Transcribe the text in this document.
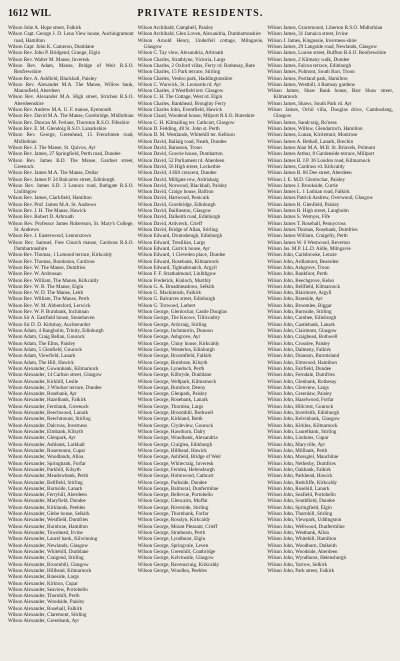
1612 WIL	PRIVATE RESIDENTS.
Wilson John A. Hope street, Falkirk
Wilson Capt. George J. D. Lena View house, Auchingramont road, Hamilton
Wilson Capt. John K. Cameron, Dunblane
Wilson Rev. John P. Bridgend, Grange, Elgin
Wilson Rev. Walter M. Manse, Inveresk
Wilson Rev. Adam, Manse, Bridge of Weir R.S.O. Renfrewshire
Wilson Rev. A. Ashfield, Blackhall, Paisley
Wilson Rev. Alexander M.A. The Manse, Willow bank, Mannofield, Aberdeen
Wilson Rev. Alexander M.A. High street, Strichen R.S.O. Aberdeenshire
Wilson Rev. Andrew M.A. U. F. manse, Eyemouth
Wilson Rev. David M.A. The Manse, Gorebridge, Midlothian
Wilson Rev. Duncan M. Ferlane, Thornton R.S.O. Fifeshire
Wilson Rev. E. M. Glendoig R.S.O. Lanarkshire
Wilson Rev. George, Greenhead, 15 Frenchmen road, Midlothian
Wilson Rev. J. The Manse, St. Quivox, Ayr
Wilson Rev. James, 27 Springfield, Perth road, Dundee
Wilson Rev. James B.D. The Manse, Gardner street, Greenock
Wilson Rev. James M.A. The Manse, Dollar
Wilson Rev. James P. 24 Balcarres street, Edinburgh
Wilson Rev. James S.D. 3 Lennox road, Bathgate R.S.O. Linlithgow
Wilson Rev. James, Clarkfield, Hamilton
Wilson Rev. Prof. James M.A. St. Andrews
Wilson Rev. J. H. The Manse, Hawick
Wilson Rev. Robert D. Arbroath
Wilson Rev. Professor James Robertson, St. Mary's College, St. Andrews
Wilson Rev. J. Easterwood, Lennoxtown
Wilson Rev. Samuel, Free Church manse, Cardross R.S.O. Dumbartonshire
Wilson Rev. Thomas, 1 Lomond terrace, Kirkcaldy
Wilson Rev. Thomas, Brankston, Cardross
Wilson Rev. W. The Manse, Dumfries
Wilson Rev. W. Ardrossan
Wilson Rev. William, The Manse, Kirkcaldy
Wilson Rev. W. B. The Manse, Elgin
Wilson Rev. W. D. The Manse, Leith
Wilson Rev. William, The Manse, Perth
Wilson Rev. W. M. Abbotsford, Lerwick
Wilson Rev. W. P. Burnbank, Inchinnan
Wilson Sir A. Eastfield house, Stonehaven
Wilson Sir D. D. Kirkmay, Auchterarder
Wilson Adam, 4 Bangholm, Trinity, Edinburgh
Wilson Adam, Craig Bellan, Gourock
Wilson Adam, The Elms, Paisley
Wilson Adam, 5 Glenfield, Gourock
Wilson Adam, Viewfield, Lanark
Wilson Adam, The Hill, Hawick
Wilson Alexander, Gowanbank, Kilmarnock
Wilson Alexander, 14 Carlton street, Glasgow
Wilson Alexander, Kirkhill, Leslie
Wilson Alexander, 3 Windsor terrace, Dundee
Wilson Alexander, Rosebank, Ayr
Wilson Alexander, Hazelbank, Falkirk
Wilson Alexander, Fernbank, Greenock
Wilson Alexander, Beechwood, Lanark
Wilson Alexander, Beechmount, Stirling
Wilson Alexander, Dalcross, Inverness
Wilson Alexander, Elmbank, Kilsyth
Wilson Alexander, Glenpark, Ayr
Wilson Alexander, Ashbank, Larkhall
Wilson Alexander, Rosemount, Cupar
Wilson Alexander, Woodlands, Alloa
Wilson Alexander, Springbank, Forfar
Wilson Alexander, Parkhill, Kilsyth
Wilson Alexander, Meadowbank, Perth
Wilson Alexander, Bellfield, Stirling
Wilson Alexander, Burnside, Lanark
Wilson Alexander, Ferryhill, Aberdeen
Wilson Alexander, Maryfield, Dundee
Wilson Alexander, Kirklands, Peebles
Wilson Alexander, Glebe house, Selkirk
Wilson Alexander, Westfield, Dumfries
Wilson Alexander, Burnbrae, Hamilton
Wilson Alexander, Townhead, Irvine
Wilson Alexander, Laurel bank, Kilwinning
Wilson Alexander, Newlands, Glasgow
Wilson Alexander, Whitehill, Dunblane
Wilson Alexander, Craigend, Stirling
Wilson Alexander, Broomhill, Glasgow
Wilson Alexander, Hillhead, Kilmarnock
Wilson Alexander, Braeside, Largs
Wilson Alexander, Kirkton, Cupar
Wilson Alexander, Seaview, Portobello
Wilson Alexander, Thornhill, Perth
Wilson Alexander, Woodside, Paisley
Wilson Alexander, Rosehall, Falkirk
Wilson Alexander, Claremont, Stirling
Wilson Alexander, Greenbank, Ayr
Wilson Archibald, Campbell, Paisley
Wilson Archibald, Glen Loven, Alexandria, Dumbartonshire
Wilson Arnold Henry, Underfell cottage, Milngavie, Glasgow
Wilson C. Tay view, Alexandria, Arbroath
Wilson Charles, Strathlyne, Victoria, Largs
Wilson Charles, 2 Oxford villas, Ferry rd. Rothesay, Bute
Wilson Charles, 15 Park terrace, Stirling
Wilson Charles, Vesbro park, Haddingtonshire
Wilson C. Warwick, St. Leonards rd. Ayr
Wilson Charles, 4 Westfield terr. Glasgow
Wilson C. H. The Cottage, West rd. Elgin
Wilson Charles, Bankhead, Broughty Ferry
Wilson Charles John, Eventfield, Hawick
Wilson Claud, Woodend house, Milport R.S.O. Buteshire
Wilson C. H. Kilmailing ter. Cathcart, Glasgow
Wilson D. Fedding, 48 St. John st. Perth
Wilson D. M. Westlands, Whitehill ter. Kelburn
Wilson David, Ballaig road, Neath, Dundee
Wilson David, Barasson, Troon
Wilson David, Gowrie house, Dumbarton
Wilson David, 52 Parliament rd. Aberdeen
Wilson David, 56 High street, Lockerbie
Wilson David, 4 Hill crescent, Dundee
Wilson David, Millgate row, Ardrishaig
Wilson David, Norwood, Blackhall, Paisley
Wilson David, Craigo house, Balfron
Wilson David, Hartwood, Penicuik
Wilson David, Gorebridge, Edinburgh
Wilson David, Baillieston, Glasgow
Wilson David, Dalkeith road, Edinburgh
Wilson David, Ardvreck, Crieff
Wilson David, Bridge of Allan, Stirling
Wilson Edward, Drumsheugh, Edinburgh
Wilson Edward, Tresillian, Largs
Wilson Edward, Carrick house, Ayr
Wilson Edward, 1 Cleveden place, Dundee
Wilson Edward, Rosebank, Kilmarnock
Wilson Edward, Tighnabruaich, Argyll
Wilson F. F. Strathalmond, Linlithgow
Wilson Frederick, Kinloch, Murthly
Wilson G. A. Broadmeadows, Selkirk
Wilson G. Mackintosh, Falkirk
Wilson G. Balcarres street, Edinburgh
Wilson G. Torwood, Larbert
Wilson George, Glenlochar, Castle Douglas
Wilson George, The Knowe, Tillicoultry
Wilson George, Ardcraig, Stirling
Wilson George, Inchmurrin, Dunoon
Wilson George, Ashgrove, Ayr
Wilson George, Cluny house, Kirkcaldy
Wilson George, Westerlea, Edinburgh
Wilson George, Broomfield, Falkirk
Wilson George, Burnbrae, Kilsyth
Wilson George, Lynedoch, Perth
Wilson George, Kilbryde, Dunblane
Wilson George, Wellpark, Kilmarnock
Wilson George, Burnfoot, Denny
Wilson George, Glenpark, Paisley
Wilson George, Rosebank, Lanark
Wilson George, Thornlea, Largs
Wilson George, Broomhill, Bothwell
Wilson George, Kirkland, Beith
Wilson George, Clydeview, Gourock
Wilson George, Hawthorn, Dalry
Wilson George, Woodbank, Alexandria
Wilson George, Craiglea, Edinburgh
Wilson George, Hillhead, Hawick
Wilson George, Ashfield, Bridge of Weir
Wilson George, Whitecraig, Inveresk
Wilson George, Fernlea, Helensburgh
Wilson George, Holmwood, Cathcart
Wilson George, Parkside, Dundee
Wilson George, Balmoral, Dunfermline
Wilson George, Bellevue, Portobello
Wilson George, Glencairn, Moffat
Wilson George, Riverside, Stirling
Wilson George, Thornbank, Forfar
Wilson George, Rosslyn, Kirkcaldy
Wilson George, Mount Pleasant, Crieff
Wilson George, Strathearn, Perth
Wilson George, Lyndhurst, Elgin
Wilson George, Springvale, Leven
Wilson George, Greenhill, Coatbridge
Wilson George, Kelvinside, Glasgow
Wilson George, Ravenscraig, Kirkcaldy
Wilson George, Woodlea, Peebles
Wilson James, Gracemount, Liberton R.S.O. Midlothian
Wilson James, 31 Jamaica street, Irvine
Wilson J. James, Kingussie, Inverness-shire
Wilson James, 29 Langside road, Newlands, Glasgow
Wilson James, Louise street, Buffton R.S.O. Renfrewshire
Wilson James, 2 Kilmany walk, Dundee
Wilson James, Falcon terrace, Edinburgh
Wilson James, Polmont, South Barr, Troon
Wilson James, Portland park, Hamilton
Wilson James, Westhill, 4 Ramsay gardens
Wilson James, Shaw Bank house, Barr Shaw street, Kilmarnock
Wilson James, Shaws, South Park rd. Ayr
Wilson James, Ochil villa, Douglas drive, Cambuslang, Glasgow
Wilson James, Sandcraig, Bo'ness
Wilson James, Willow, Glendarroch, Hamilton
Wilson James, Lunan, Kirriemuir, Montrose
Wilson James A. Bethall, Lanark, Brechin
Wilson James Alan M.A. M.B. St. Briavels, Polmont
Wilson James Arthur, 8 Gardenside terrace, Millport
Wilson James B. J.P. 36 London road, Kilmarnock
Wilson James, Cardross rd. Kirkcaldy
Wilson James B. 66 Dee street, Aberdeen
Wilson J. E. M.D. Glenlochar, Paisley
Wilson James J. Brookside, Currie
Wilson James L. 1 Lothian road, Falkirk
Wilson James Patrick Andrew, Overwood, Glasgow
Wilson James R. Glenfield, Paisley
Wilson James R. High street, Langholm
Wilson James S. Wemyss, Fife
Wilson James T. Rosehall, Pennycross
Wilson James Thomas, Rosebank, Dumfries
Wilson James William, Craigelly, Perth
Wilson James W. 6 Westwood, Beverton
Wilson Jas. M.P. LL.D. Aidie, Milngavie
Wilson John, Carisbrooke, Lenzie
Wilson John, Ardlamont, Bearsden
Wilson John, Ashgrove, Troon
Wilson John, Bankfoot, Perth
Wilson John, Beechgrove, Kelso
Wilson John, Bellfield, Kilmarnock
Wilson John, Blairmore, Argyll
Wilson John, Braeside, Ayr
Wilson John, Broomlee, Biggar
Wilson John, Burnside, Stirling
Wilson John, Carnbee, Edinburgh
Wilson John, Castlebank, Lanark
Wilson John, Clairmont, Glasgow
Wilson John, Craighead, Bothwell
Wilson John, Crosslee, Paisley
Wilson John, Dalmeny, Falkirk
Wilson John, Dunearn, Burntisland
Wilson John, Elmwood, Hamilton
Wilson John, Fairfield, Dundee
Wilson John, Ferndale, Dumfries
Wilson John, Glenbank, Rothesay
Wilson John, Glenview, Largs
Wilson John, Greenlaw, Paisley
Wilson John, Hazelwood, Forfar
Wilson John, Hillcrest, Gourock
Wilson John, Inverleith, Edinburgh
Wilson John, Kelvinbank, Glasgow
Wilson John, Kirklea, Kilmarnock
Wilson John, Laurelbank, Stirling
Wilson John, Lindores, Cupar
Wilson John, Maryville, Ayr
Wilson John, Millbank, Perth
Wilson John, Mossgiel, Mauchline
Wilson John, Netherby, Dumfries
Wilson John, Oakbank, Falkirk
Wilson John, Parkhead, Hawick
Wilson John, Redcliffe, Kirkcaldy
Wilson John, Rosehill, Lanark
Wilson John, Seafield, Portobello
Wilson John, Southfield, Dundee
Wilson John, Springfield, Elgin
Wilson John, Thornhill, Stirling
Wilson John, Viewpark, Uddingston
Wilson John, Wellwood, Dunfermline
Wilson John, Westbank, Alloa
Wilson John, Whitehill, Hamilton
Wilson John, Woodburn, Dalkeith
Wilson John, Woodside, Aberdeen
Wilson John, Wyndhurst, Helensburgh
Wilson John, Yarrow, Selkirk
Wilson John, Park street, Falkirk
